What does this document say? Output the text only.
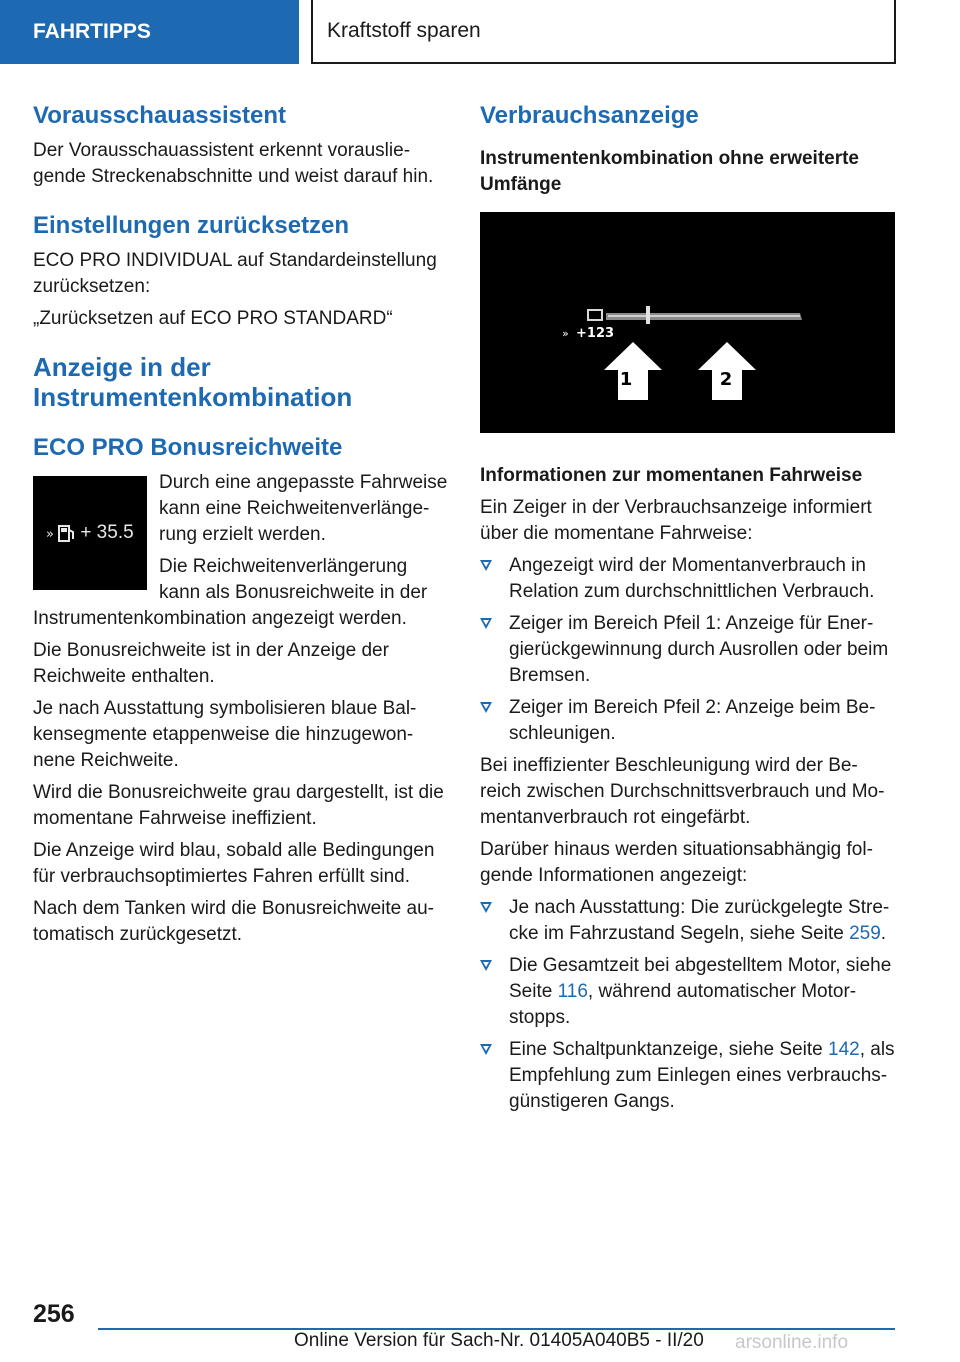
FAHRTIPPS	Kraftstoff sparen
Vorausschauassistent

Der Vorausschauassistent erkennt vorauslie-gende Streckenabschnitte und weist darauf hin.

Einstellungen zurücksetzen

ECO PRO INDIVIDUAL auf Standardeinstellung zurücksetzen:

„Zurücksetzen auf ECO PRO STANDARD“

Anzeige in der Instrumentenkombination
ECO PRO Bonusreichweite
» + 35.5

Durch eine angepasste Fahrweise kann eine Reichweitenverlänge-rung erzielt werden.

Die Reichweitenverlängerung kann als Bonusreichweite in der Instrumentenkombination angezeigt werden.

Die Bonusreichweite ist in der Anzeige der Reichweite enthalten.

Je nach Ausstattung symbolisieren blaue Bal-kensegmente etappenweise die hinzugewon-nene Reichweite.

Wird die Bonusreichweite grau dargestellt, ist die momentane Fahrweise ineffizient.

Die Anzeige wird blau, sobald alle Bedingungen für verbrauchsoptimiertes Fahren erfüllt sind.

Nach dem Tanken wird die Bonusreichweite au-tomatisch zurückgesetzt.

Verbrauchsanzeige
Instrumentenkombination ohne erweiterte Umfänge
+123
»
1	2
Informationen zur momentanen Fahrweise

Ein Zeiger in der Verbrauchsanzeige informiert über die momentane Fahrweise:

Angezeigt wird der Momentanverbrauch in Relation zum durchschnittlichen Verbrauch.
Zeiger im Bereich Pfeil 1: Anzeige für Ener-gierückgewinnung durch Ausrollen oder beim Bremsen.
Zeiger im Bereich Pfeil 2: Anzeige beim Be-schleunigen.

Bei ineffizienter Beschleunigung wird der Be-reich zwischen Durchschnittsverbrauch und Mo-mentanverbrauch rot eingefärbt.

Darüber hinaus werden situationsabhängig fol-gende Informationen angezeigt:

Je nach Ausstattung: Die zurückgelegte Stre-cke im Fahrzustand Segeln, siehe Seite 259.
Die Gesamtzeit bei abgestelltem Motor, siehe Seite 116, während automatischer Motor-stopps.
Eine Schaltpunktanzeige, siehe Seite 142, als Empfehlung zum Einlegen eines verbrauchs-günstigeren Gangs.
256
Online Version für Sach-Nr. 01405A040B5 - II/20 arsonline.info
